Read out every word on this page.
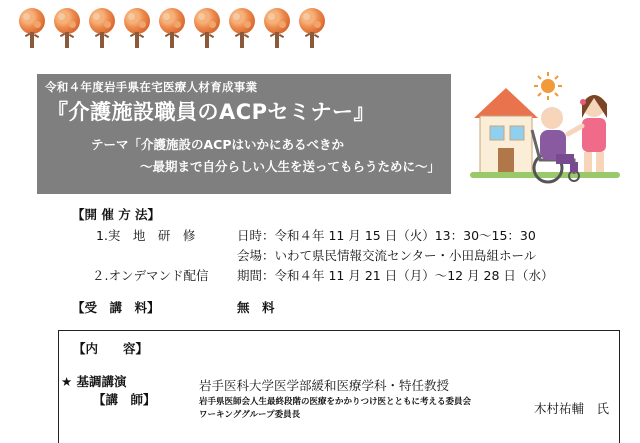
令和４年度岩手県在宅医療人材育成事業
『介護施設職員のACPセミナー』
テーマ「介護施設のACPはいかにあるべきか
～最期まで自分らしい人生を送ってもらうために～」
【開 催 方 法】
1.実　地　研　修	日時：令和４年 11 月 15 日（火）13：30～15：30
会場：いわて県民情報交流センター・小田島組ホール
２.オンデマンド配信 期間：令和４年 11 月 21 日（月）～12 月 28 日（水）
【受　講　料】	無　料
【内　　容】
★ 基調講演
【講　師】
岩手医科大学医学部緩和医療学科・特任教授
岩手県医師会人生最終段階の医療をかかりつけ医とともに考える委員会
ワーキンググループ委員長	木村祐輔　氏
